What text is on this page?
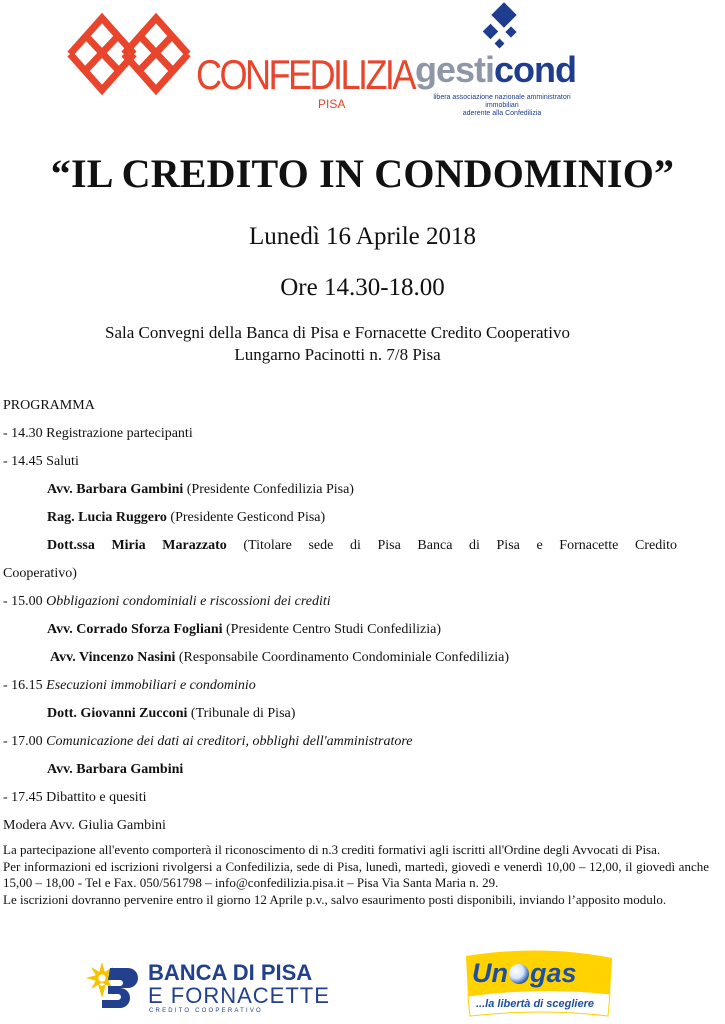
CONFEDILIZIA
PISA
gesticond
libera associazione nazionale amministratori immobiliari
aderente alla Confedilizia
“IL CREDITO IN CONDOMINIO”
Lunedì 16 Aprile 2018
Ore 14.30-18.00
Sala Convegni della Banca di Pisa e Fornacette Credito Cooperativo
Lungarno Pacinotti n. 7/8 Pisa
PROGRAMMA
- 14.30 Registrazione partecipanti
- 14.45 Saluti
Avv. Barbara Gambini (Presidente Confedilizia Pisa)
Rag. Lucia Ruggero (Presidente Gesticond Pisa)
Dott.ssa Miria Marazzato (Titolare sede di Pisa Banca di Pisa e Fornacette Credito
Cooperativo)
- 15.00 Obbligazioni condominiali e riscossioni dei crediti
Avv. Corrado Sforza Fogliani (Presidente Centro Studi Confedilizia)
Avv. Vincenzo Nasini (Responsabile Coordinamento Condominiale Confedilizia)
- 16.15 Esecuzioni immobiliari e condominio
Dott. Giovanni Zucconi (Tribunale di Pisa)
- 17.00 Comunicazione dei dati ai creditori, obblighi dell'amministratore
Avv. Barbara Gambini
- 17.45 Dibattito e quesiti
Modera Avv. Giulia Gambini

La partecipazione all'evento comporterà il riconoscimento di n.3 crediti formativi agli iscritti all'Ordine degli Avvocati di Pisa.

Per informazioni ed iscrizioni rivolgersi a Confedilizia, sede di Pisa, lunedì, martedì, giovedì e venerdì 10,00 – 12,00, il giovedì anche 15,00 – 18,00 - Tel e Fax. 050/561798 – info@confedilizia.pisa.it – Pisa Via Santa Maria n. 29.

Le iscrizioni dovranno pervenire entro il giorno 12 Aprile p.v., salvo esaurimento posti disponibili, inviando l’apposito modulo.

BANCA DI PISA
E FORNACETTE
CREDITO COOPERATIVO
Un gas
...la libertà di scegliere
